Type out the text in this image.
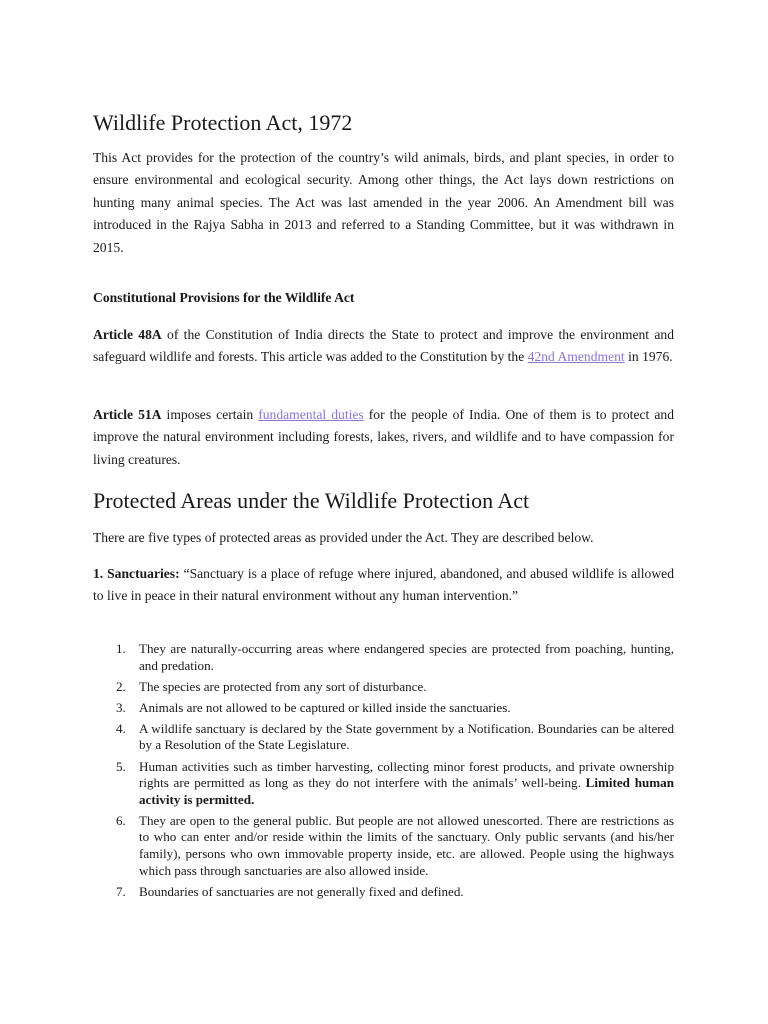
Wildlife Protection Act, 1972

This Act provides for the protection of the country’s wild animals, birds, and plant species, in order to ensure environmental and ecological security. Among other things, the Act lays down restrictions on hunting many animal species. The Act was last amended in the year 2006. An Amendment bill was introduced in the Rajya Sabha in 2013 and referred to a Standing Committee, but it was withdrawn in 2015.

Constitutional Provisions for the Wildlife Act

Article 48A of the Constitution of India directs the State to protect and improve the environment and safeguard wildlife and forests. This article was added to the Constitution by the 42nd Amendment in 1976.

Article 51A imposes certain fundamental duties for the people of India. One of them is to protect and improve the natural environment including forests, lakes, rivers, and wildlife and to have compassion for living creatures.

Protected Areas under the Wildlife Protection Act

There are five types of protected areas as provided under the Act. They are described below.

1. Sanctuaries: “Sanctuary is a place of refuge where injured, abandoned, and abused wildlife is allowed to live in peace in their natural environment without any human intervention.”

1. They are naturally-occurring areas where endangered species are protected from poaching, hunting, and predation.
2. The species are protected from any sort of disturbance.
3. Animals are not allowed to be captured or killed inside the sanctuaries.
4. A wildlife sanctuary is declared by the State government by a Notification. Boundaries can be altered by a Resolution of the State Legislature.
5. Human activities such as timber harvesting, collecting minor forest products, and private ownership rights are permitted as long as they do not interfere with the animals’ well-being. Limited human activity is permitted.
6. They are open to the general public. But people are not allowed unescorted. There are restrictions as to who can enter and/or reside within the limits of the sanctuary. Only public servants (and his/her family), persons who own immovable property inside, etc. are allowed. People using the highways which pass through sanctuaries are also allowed inside.
7. Boundaries of sanctuaries are not generally fixed and defined.
